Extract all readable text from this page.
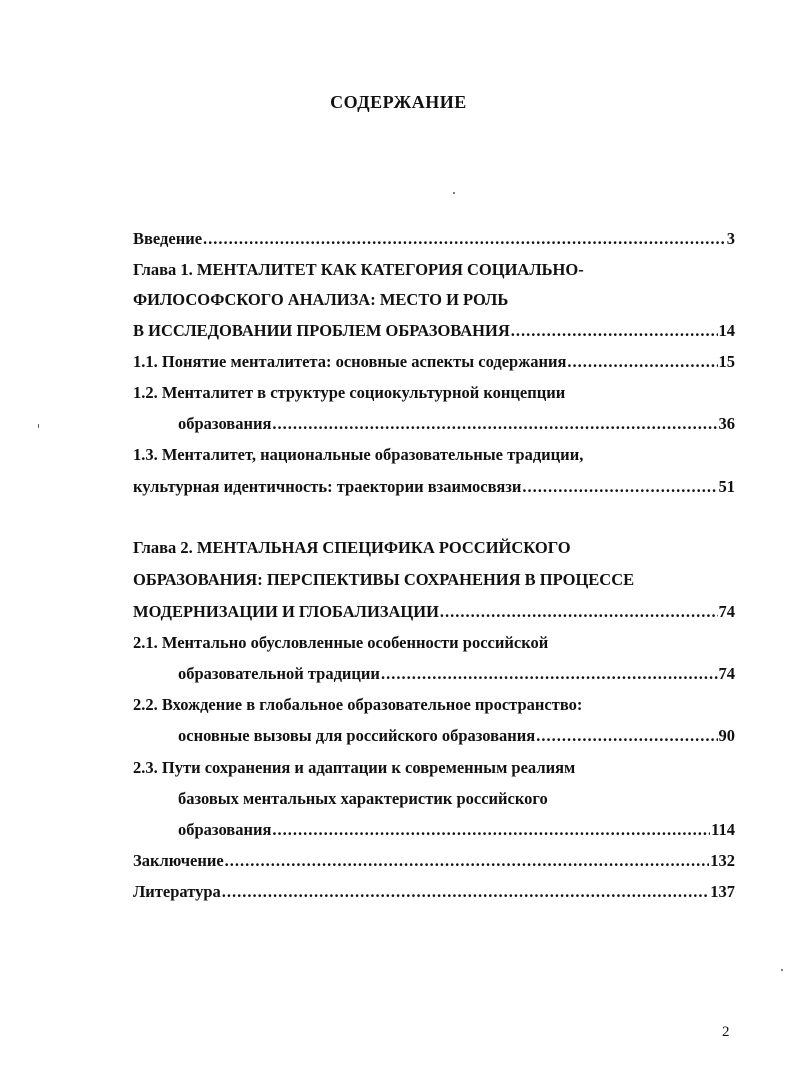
СОДЕРЖАНИЕ
Введение .....	3
Глава 1. МЕНТАЛИТЕТ КАК КАТЕГОРИЯ СОЦИАЛЬНО-
ФИЛОСОФСКОГО АНАЛИЗА: МЕСТО И РОЛЬ
В ИССЛЕДОВАНИИ ПРОБЛЕМ ОБРАЗОВАНИЯ .....	14
1.1. Понятие менталитета: основные аспекты содержания .....	15
1.2. Менталитет в структуре социокультурной концепции
образования .....	36
1.3. Менталитет, национальные образовательные традиции,
культурная идентичность: траектории взаимосвязи .....	51
Глава 2. МЕНТАЛЬНАЯ СПЕЦИФИКА РОССИЙСКОГО
ОБРАЗОВАНИЯ: ПЕРСПЕКТИВЫ СОХРАНЕНИЯ В ПРОЦЕССЕ
МОДЕРНИЗАЦИИ И ГЛОБАЛИЗАЦИИ .....	74
2.1. Ментально обусловленные особенности российской
образовательной традиции .....	74
2.2. Вхождение в глобальное образовательное пространство:
основные вызовы для российского образования .....	90
2.3. Пути сохранения и адаптации к современным реалиям
базовых ментальных характеристик российского
образования .....	114
Заключение .....	132
Литература .....	137
2
